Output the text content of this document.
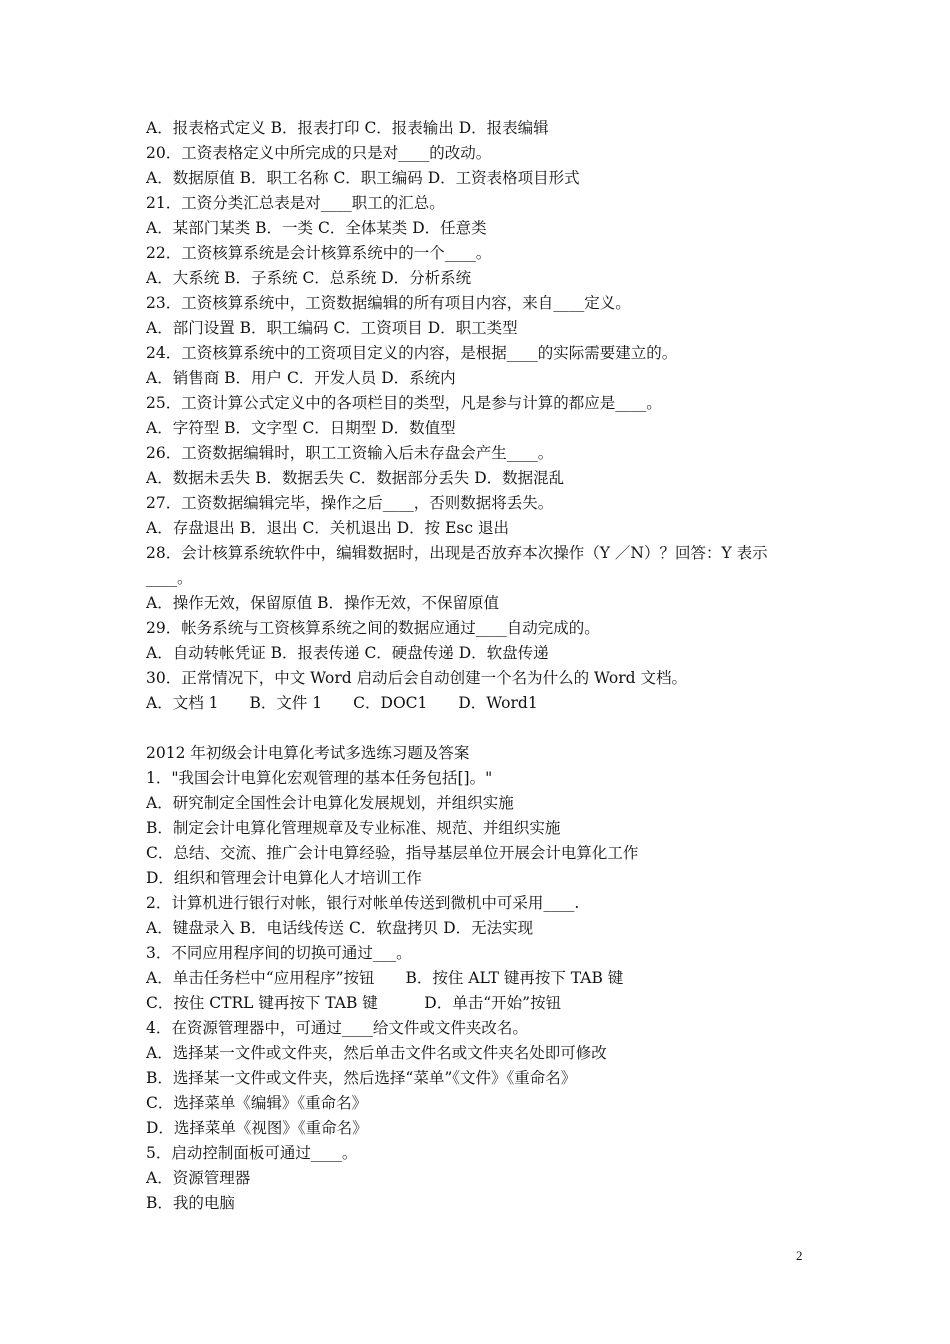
A．报表格式定义 B．报表打印 C．报表输出 D．报表编辑
20．工资表格定义中所完成的只是对____的改动。
A．数据原值 B．职工名称 C．职工编码 D．工资表格项目形式
21．工资分类汇总表是对____职工的汇总。
A．某部门某类 B．一类 C．全体某类 D．任意类
22．工资核算系统是会计核算系统中的一个____。
A．大系统 B．子系统 C．总系统 D．分析系统
23．工资核算系统中，工资数据编辑的所有项目内容，来自____定义。
A．部门设置 B．职工编码 C．工资项目 D．职工类型
24．工资核算系统中的工资项目定义的内容，是根据____的实际需要建立的。
A．销售商 B．用户 C．开发人员 D．系统内
25．工资计算公式定义中的各项栏目的类型，凡是参与计算的都应是____。
A．字符型 B．文字型 C．日期型 D．数值型
26．工资数据编辑时，职工工资输入后未存盘会产生____。
A．数据未丢失 B．数据丢失 C．数据部分丢失 D．数据混乱
27．工资数据编辑完毕，操作之后____，否则数据将丢失。
A．存盘退出 B．退出 C．关机退出 D．按 Esc 退出
28．会计核算系统软件中，编辑数据时，出现是否放弃本次操作（Y ／N）？回答：Y 表示
____。
A．操作无效，保留原值 B．操作无效，不保留原值
29．帐务系统与工资核算系统之间的数据应通过____自动完成的。
A．自动转帐凭证 B．报表传递 C．硬盘传递 D．软盘传递
30．正常情况下，中文 Word 启动后会自动创建一个名为什么的 Word 文档。
A．文档 1　　B．文件 1　　C．DOC1　　D．Word1
2012 年初级会计电算化考试多选练习题及答案
1．"我国会计电算化宏观管理的基本任务包括[]。"
A．研究制定全国性会计电算化发展规划，并组织实施
B．制定会计电算化管理规章及专业标准、规范、并组织实施
C．总结、交流、推广会计电算经验，指导基层单位开展会计电算化工作
D．组织和管理会计电算化人才培训工作
2．计算机进行银行对帐，银行对帐单传送到微机中可采用____.
A．键盘录入 B．电话线传送 C．软盘拷贝 D．无法实现
3．不同应用程序间的切换可通过___。
A．单击任务栏中“应用程序”按钮　　B．按住 ALT 键再按下 TAB 键
C．按住 CTRL 键再按下 TAB 键　　　D．单击“开始”按钮
4．在资源管理器中，可通过____给文件或文件夹改名。
A．选择某一文件或文件夹，然后单击文件名或文件夹名处即可修改
B．选择某一文件或文件夹，然后选择“菜单”《文件》《重命名》
C．选择菜单《编辑》《重命名》
D．选择菜单《视图》《重命名》
5．启动控制面板可通过____。
A．资源管理器
B．我的电脑
2
